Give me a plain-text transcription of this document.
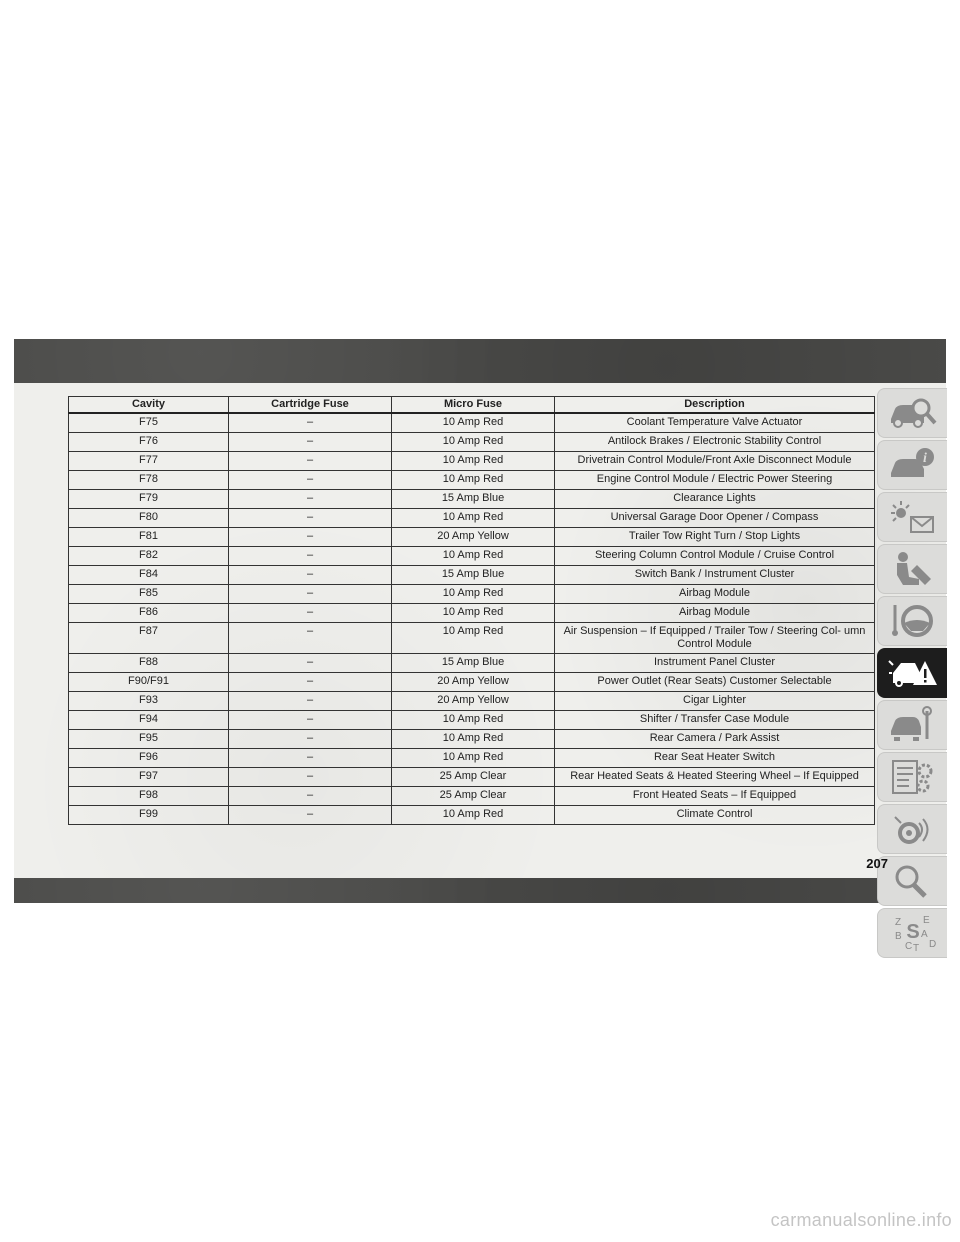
Cavity	Cartridge Fuse	Micro Fuse	Description
F75	–	10 Amp Red	Coolant Temperature Valve Actuator
F76	–	10 Amp Red	Antilock Brakes / Electronic Stability Control
F77	–	10 Amp Red	Drivetrain Control Module/Front Axle Disconnect Module
F78	–	10 Amp Red	Engine Control Module / Electric Power Steering
F79	–	15 Amp Blue	Clearance Lights
F80	–	10 Amp Red	Universal Garage Door Opener / Compass
F81	–	20 Amp Yellow	Trailer Tow Right Turn / Stop Lights
F82	–	10 Amp Red	Steering Column Control Module / Cruise Control
F84	–	15 Amp Blue	Switch Bank / Instrument Cluster
F85	–	10 Amp Red	Airbag Module
F86	–	10 Amp Red	Airbag Module
F87	–	10 Amp Red	Air Suspension – If Equipped / Trailer Tow / Steering Col- umn Control Module
F88	–	15 Amp Blue	Instrument Panel Cluster
F90/F91	–	20 Amp Yellow	Power Outlet (Rear Seats) Customer Selectable
F93	–	20 Amp Yellow	Cigar Lighter
F94	–	10 Amp Red	Shifter / Transfer Case Module
F95	–	10 Amp Red	Rear Camera / Park Assist
F96	–	10 Amp Red	Rear Seat Heater Switch
F97	–	25 Amp Clear	Rear Heated Seats & Heated Steering Wheel – If Equipped
F98	–	25 Amp Clear	Front Heated Seats – If Equipped
F99	–	10 Amp Red	Climate Control
i
Z E
B A
C T D
S
207
carmanualsonline.info
